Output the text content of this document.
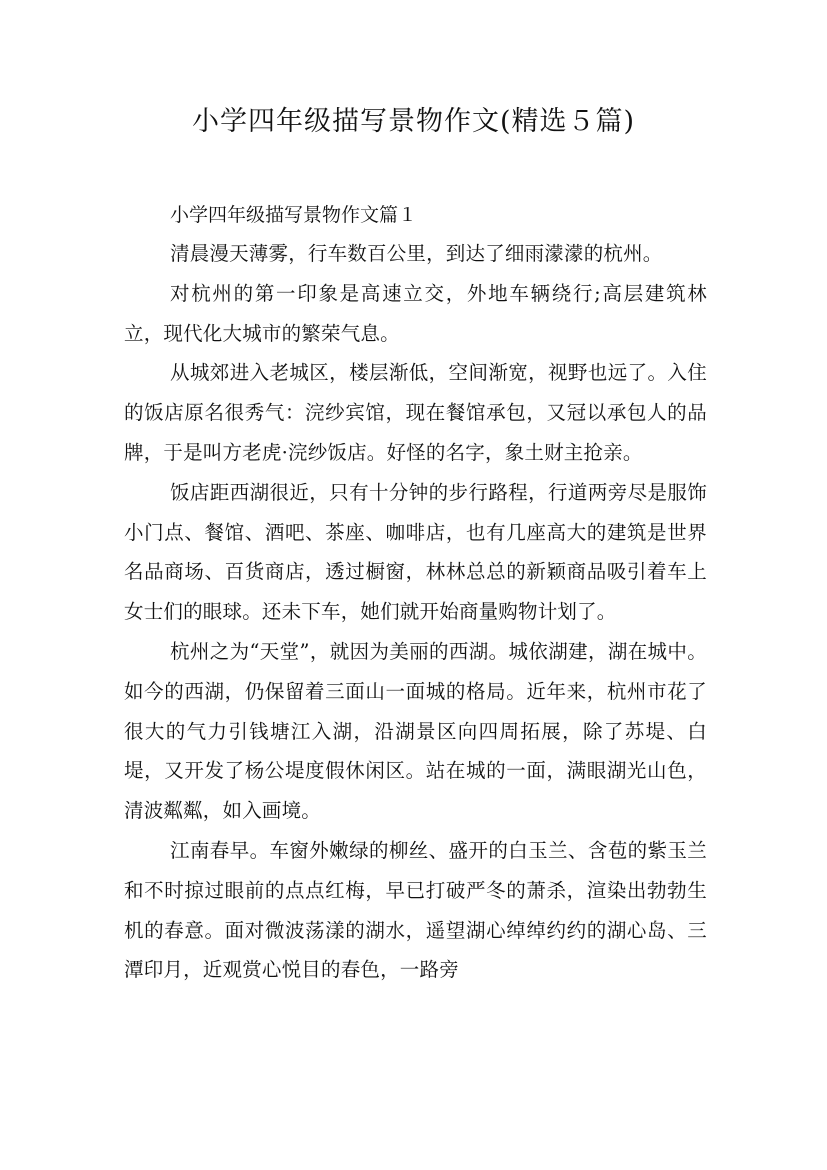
小学四年级描写景物作文(精选５篇)

小学四年级描写景物作文篇１

清晨漫天薄雾，行车数百公里，到达了细雨濛濛的杭州。

对杭州的第一印象是高速立交，外地车辆绕行;高层建筑林立，现代化大城市的繁荣气息。

从城郊进入老城区，楼层渐低，空间渐宽，视野也远了。入住的饭店原名很秀气：浣纱宾馆，现在餐馆承包，又冠以承包人的品牌，于是叫方老虎·浣纱饭店。好怪的名字，象土财主抢亲。

饭店距西湖很近，只有十分钟的步行路程，行道两旁尽是服饰小门点、餐馆、酒吧、茶座、咖啡店，也有几座高大的建筑是世界名品商场、百货商店，透过橱窗，林林总总的新颖商品吸引着车上女士们的眼球。还未下车，她们就开始商量购物计划了。

杭州之为“天堂”，就因为美丽的西湖。城依湖建，湖在城中。如今的西湖，仍保留着三面山一面城的格局。近年来，杭州市花了很大的气力引钱塘江入湖，沿湖景区向四周拓展，除了苏堤、白堤，又开发了杨公堤度假休闲区。站在城的一面，满眼湖光山色，清波粼粼，如入画境。

江南春早。车窗外嫩绿的柳丝、盛开的白玉兰、含苞的紫玉兰和不时掠过眼前的点点红梅，早已打破严冬的萧杀，渲染出勃勃生机的春意。面对微波荡漾的湖水，遥望湖心绰绰约约的湖心岛、三潭印月，近观赏心悦目的春色，一路旁
